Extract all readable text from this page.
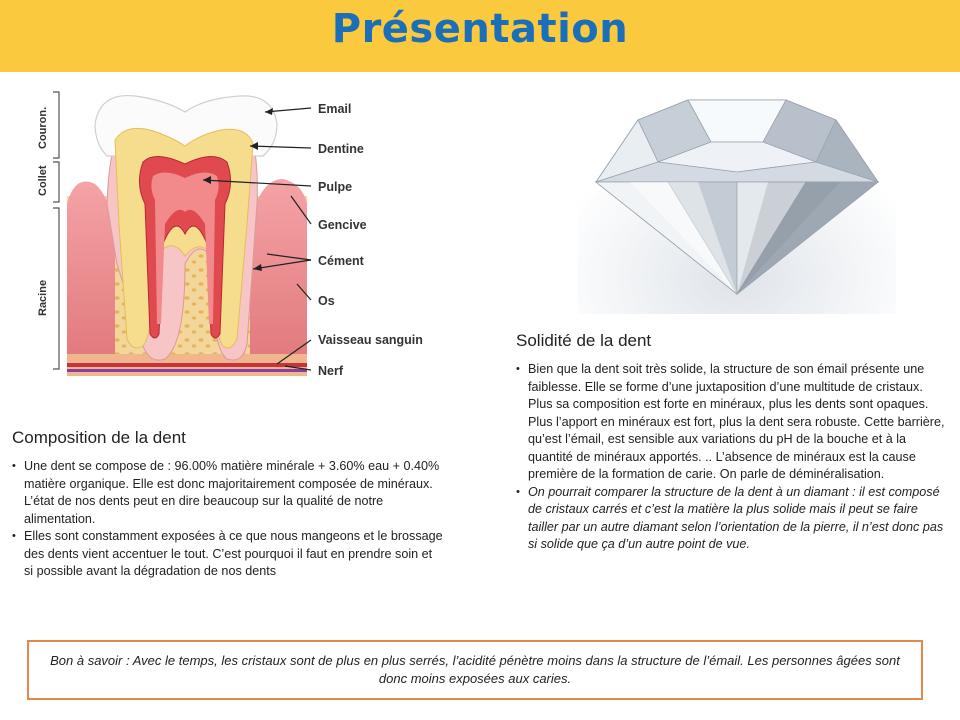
Présentation
Couron.
Collet
Racine
Email
Dentine
Pulpe
Gencive
Cément
Os
Vaisseau sanguin
Nerf
Composition de la dent
• Une dent se compose de : 96.00% matière minérale + 3.60% eau + 0.40% matière organique. Elle est donc majoritairement composée de minéraux. L’état de nos dents peut en dire beaucoup sur la qualité de notre alimentation.
• Elles sont constamment exposées à ce que nous mangeons et le brossage des dents vient accentuer le tout. C’est pourquoi il faut en prendre soin et si possible avant la dégradation de nos dents
Solidité de la dent
• Bien que la dent soit très solide, la structure de son émail présente une faiblesse. Elle se forme d’une juxtaposition d’une multitude de cristaux. Plus sa composition est forte en minéraux, plus les dents sont opaques. Plus l’apport en minéraux est fort, plus la dent sera robuste. Cette barrière, qu’est l’émail, est sensible aux variations du pH de la bouche et à la quantité de minéraux apportés. .. L’absence de minéraux est la cause première de la formation de carie. On parle de déminéralisation.
• On pourrait comparer la structure de la dent à un diamant : il est composé de cristaux carrés et c’est la matière la plus solide mais il peut se faire tailler par un autre diamant selon l’orientation de la pierre, il n’est donc pas si solide que ça d’un autre point de vue.
Bon à savoir : Avec le temps, les cristaux sont de plus en plus serrés, l’acidité pénètre moins dans la structure de l’émail. Les personnes âgées sont donc moins exposées aux caries.
